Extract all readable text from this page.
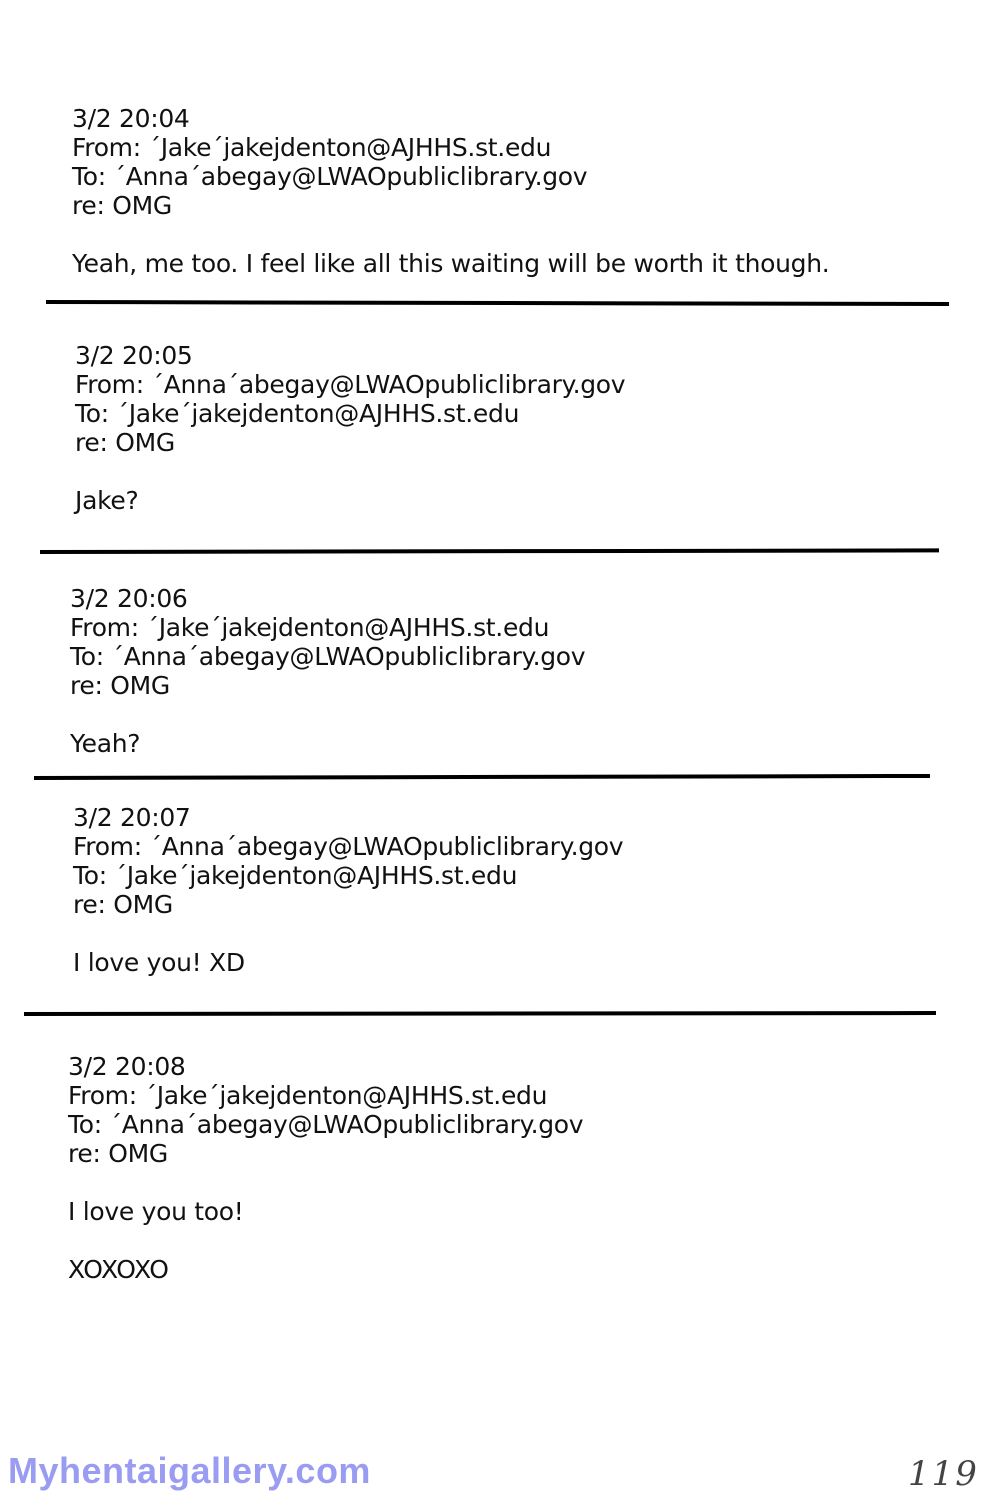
3/2 20:04
From: ´Jake´jakejdenton@AJHHS.st.edu
To: ´Anna´abegay@LWAOpubliclibrary.gov
re: OMG
Yeah, me too. I feel like all this waiting will be worth it though.
3/2 20:05
From: ´Anna´abegay@LWAOpubliclibrary.gov
To: ´Jake´jakejdenton@AJHHS.st.edu
re: OMG
Jake?
3/2 20:06
From: ´Jake´jakejdenton@AJHHS.st.edu
To: ´Anna´abegay@LWAOpubliclibrary.gov
re: OMG
Yeah?
3/2 20:07
From: ´Anna´abegay@LWAOpubliclibrary.gov
To: ´Jake´jakejdenton@AJHHS.st.edu
re: OMG
I love you! XD
3/2 20:08
From: ´Jake´jakejdenton@AJHHS.st.edu
To: ´Anna´abegay@LWAOpubliclibrary.gov
re: OMG
I love you too!
XOXOXO
Myhentaigallery.com	119
